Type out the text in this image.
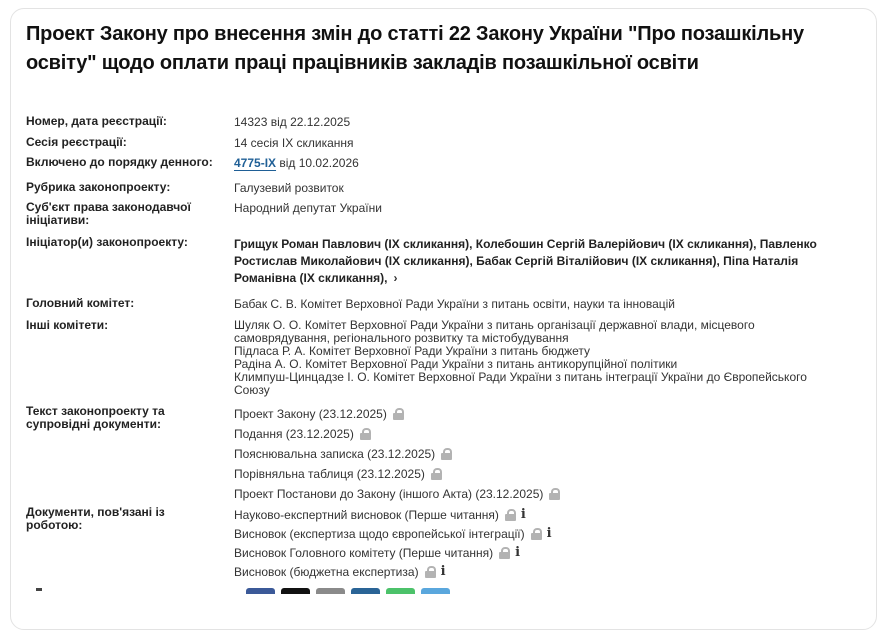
Проект Закону про внесення змін до статті 22 Закону України "Про позашкільну освіту" щодо оплати праці працівників закладів позашкільної освіти
Номер, дата реєстрації:	14323 від 22.12.2025
Сесія реєстрації:	14 сесія IX скликання
Включено до порядку денного:	4775-IX від 10.02.2026
Рубрика законопроекту:	Галузевий розвиток
Суб'єкт права законодавчої ініціативи:
Народний депутат України
Ініціатор(и) законопроекту:	Грищук Роман Павлович (IX скликання), Колебошин Сергій Валерійович (IX скликання), Павленко Ростислав Миколайович (IX скликання), Бабак Сергій Віталійович (IX скликання), Піпа Наталія Романівна (IX скликання), ›
Головний комітет:	Бабак С. В. Комітет Верховної Ради України з питань освіти, науки та інновацій
Інші комітети:	Шуляк О. О. Комітет Верховної Ради України з питань організації державної влади, місцевого самоврядування, регіонального розвитку та містобудування
Підласа Р. А. Комітет Верховної Ради України з питань бюджету
Радіна А. О. Комітет Верховної Ради України з питань антикорупційної політики
Климпуш-Цинцадзе І. О. Комітет Верховної Ради України з питань інтеграції України до Європейського Союзу
Текст законопроекту та супровідні документи:
Проект Закону (23.12.2025)
Подання (23.12.2025)
Пояснювальна записка (23.12.2025)
Порівняльна таблиця (23.12.2025)
Проект Постанови до Закону (іншого Акта) (23.12.2025)
Документи, пов'язані із роботою:
Науково-експертний висновок (Перше читання) i
Висновок (експертиза щодо європейської інтеграції) i
Висновок Головного комітету (Перше читання) i
Висновок (бюджетна експертиза) i
